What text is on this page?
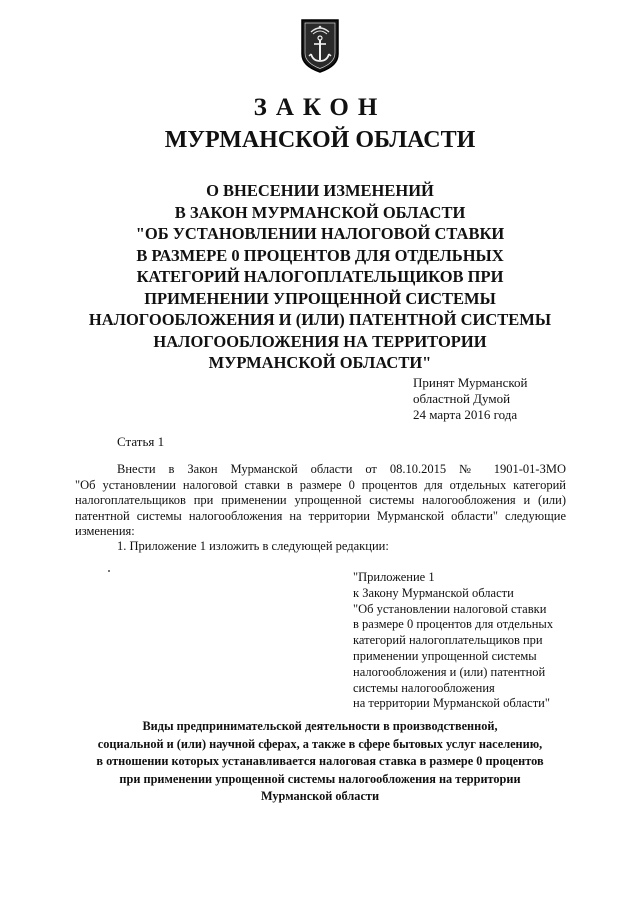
ЗАКОН
МУРМАНСКОЙ ОБЛАСТИ
О ВНЕСЕНИИ ИЗМЕНЕНИЙ
В ЗАКОН МУРМАНСКОЙ ОБЛАСТИ
"ОБ УСТАНОВЛЕНИИ НАЛОГОВОЙ СТАВКИ
В РАЗМЕРЕ 0 ПРОЦЕНТОВ ДЛЯ ОТДЕЛЬНЫХ
КАТЕГОРИЙ НАЛОГОПЛАТЕЛЬЩИКОВ ПРИ
ПРИМЕНЕНИИ УПРОЩЕННОЙ СИСТЕМЫ
НАЛОГООБЛОЖЕНИЯ И (ИЛИ) ПАТЕНТНОЙ СИСТЕМЫ
НАЛОГООБЛОЖЕНИЯ НА ТЕРРИТОРИИ
МУРМАНСКОЙ ОБЛАСТИ"
Принят Мурманской
областной Думой
24 марта 2016 года
Статья 1
Внести в Закон Мурманской области от 08.10.2015 № 1901-01-ЗМО
"Об установлении налоговой ставки в размере 0 процентов для отдельных категорий
налогоплательщиков при применении упрощенной системы налогообложения и (или)
патентной системы налогообложения на территории Мурманской области" следующие
изменения:
1. Приложение 1 изложить в следующей редакции:
"Приложение 1
к Закону Мурманской области
"Об установлении налоговой ставки
в размере 0 процентов для отдельных
категорий налогоплательщиков при
применении упрощенной системы
налогообложения и (или) патентной
системы налогообложения
на территории Мурманской области"
Виды предпринимательской деятельности в производственной,
социальной и (или) научной сферах, а также в сфере бытовых услуг населению,
в отношении которых устанавливается налоговая ставка в размере 0 процентов
при применении упрощенной системы налогообложения на территории
Мурманской области
